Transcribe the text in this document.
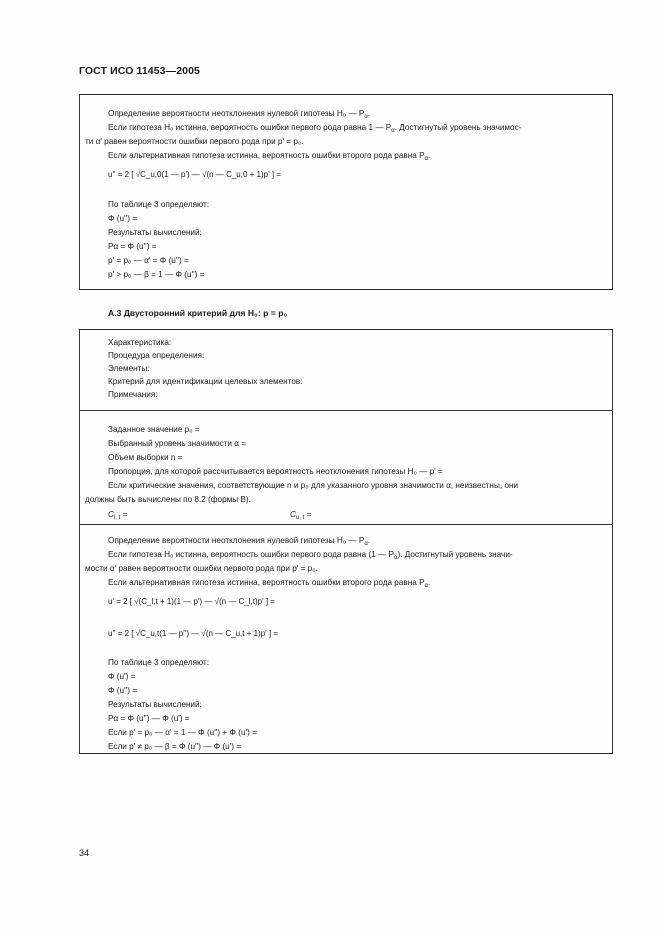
ГОСТ ИСО 11453—2005
Определение вероятности неотклонения нулевой гипотезы H₀ — $P_\alpha$.
Если гипотеза H₀ истинна, вероятность ошибки первого рода равна 1 — $P_\alpha$. Достигнутый уровень значимос-
ти α' равен вероятности ошибки первого рода при p' = p₀.
Если альтернативная гипотеза истинна, вероятность ошибки второго рода равна $P_\alpha$.
u'' = 2 [ √C_u,0(1 — p') — √(n — C_u,0 + 1)p' ] =
По таблице 3 определяют:
Φ (u'') =
Результаты вычислений:
Pα = Φ (u'') =
p' = p₀ — α' = Φ (u'') =
p' > p₀ — β = 1 — Φ (u'') =
А.3 Двусторонний критерий для H₀: p = p₀
Характеристика:
Процедура определения:
Элементы:
Критерий для идентификации целевых элементов:
Примечания:
Заданное значение p₀ =
Выбранный уровень значимости α =
Объем выборки n =
Пропорция, для которой рассчитывается вероятность неотклонения гипотезы H₀ — p' =
Если критические значения, соответствующие n и p₀ для указанного уровня значимости α, неизвестны, они
должны быть вычислены по 8.2 (формы В).
$C_{l, t}$ =	$C_{u, t}$ =
Определение вероятности неотклонения нулевой гипотезы H₀ — $P_\alpha$.
Если гипотеза H₀ истинна, вероятность ошибки первого рода равна (1 — $P_\alpha$). Достигнутый уровень значи-
мости α' равен вероятности ошибки первого рода при p' = p₀.
Если альтернативная гипотеза истинна, вероятность ошибки второго рода равна $P_\alpha$.
u' = 2 [ √(C_l,t + 1)(1 — p') — √(n — C_l,t)p' ] =
u'' = 2 [ √C_u,t(1 — p'') — √(n — C_u,t + 1)p' ] =
По таблице 3 определяют:
Φ (u') =
Φ (u'') =
Результаты вычислений:
Pα = Φ (u'') — Φ (u') =
Если p' = p₀ — α' = 1 — Φ (u'') + Φ (u') =
Если p' ≠ p₀ — β = Φ (u'') — Φ (u') =
34
